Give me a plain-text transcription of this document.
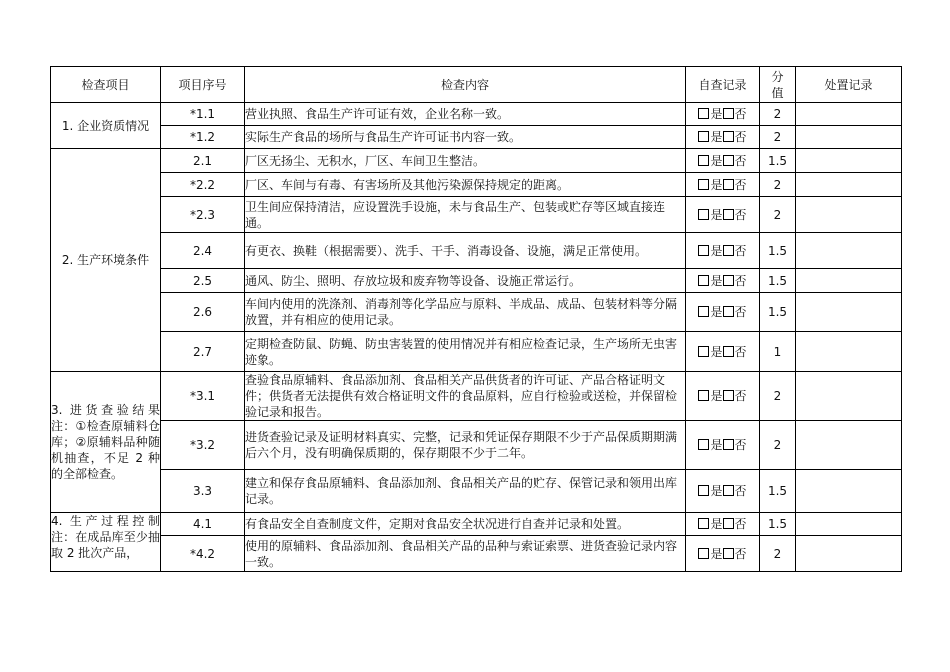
检查项目	项目序号	检查内容	自查记录	分值	处置记录
1. 企业资质情况	*1.1	营业执照、食品生产许可证有效，企业名称一致。	是 否	2	
	*1.2	实际生产食品的场所与食品生产许可证书内容一致。	是 否	2	
2. 生产环境条件	2.1	厂区无扬尘、无积水，厂区、车间卫生整洁。	是 否	1.5	
	*2.2	厂区、车间与有毒、有害场所及其他污染源保持规定的距离。	是 否	2	
	*2.3	卫生间应保持清洁，应设置洗手设施，未与食品生产、包装或贮存等区域直接连通。	是 否	2	
	2.4	有更衣、换鞋（根据需要）、洗手、干手、消毒设备、设施，满足正常使用。	是 否	1.5	
	2.5	通风、防尘、照明、存放垃圾和废弃物等设备、设施正常运行。	是 否	1.5	
	2.6	车间内使用的洗涤剂、消毒剂等化学品应与原料、半成品、成品、包装材料等分隔放置，并有相应的使用记录。	是 否	1.5	
	2.7	定期检查防鼠、防蝇、防虫害装置的使用情况并有相应检查记录，生产场所无虫害迹象。	是 否	1	
3. 进货查验结果 注：①检查原辅料仓库；②原辅料品种随机抽查，不足 2 种的全部检查。	*3.1	查验食品原辅料、食品添加剂、食品相关产品供货者的许可证、产品合格证明文件；供货者无法提供有效合格证明文件的食品原料，应自行检验或送检，并保留检验记录和报告。	是 否	2	
	*3.2	进货查验记录及证明材料真实、完整，记录和凭证保存期限不少于产品保质期期满后六个月，没有明确保质期的，保存期限不少于二年。	是 否	2	
	3.3	建立和保存食品原辅料、食品添加剂、食品相关产品的贮存、保管记录和领用出库记录。	是 否	1.5	
4. 生产过程控制 注：在成品库至少抽取 2 批次产品，	4.1	有食品安全自查制度文件，定期对食品安全状况进行自查并记录和处置。	是 否	1.5	
	*4.2	使用的原辅料、食品添加剂、食品相关产品的品种与索证索票、进货查验记录内容一致。	是 否	2	
